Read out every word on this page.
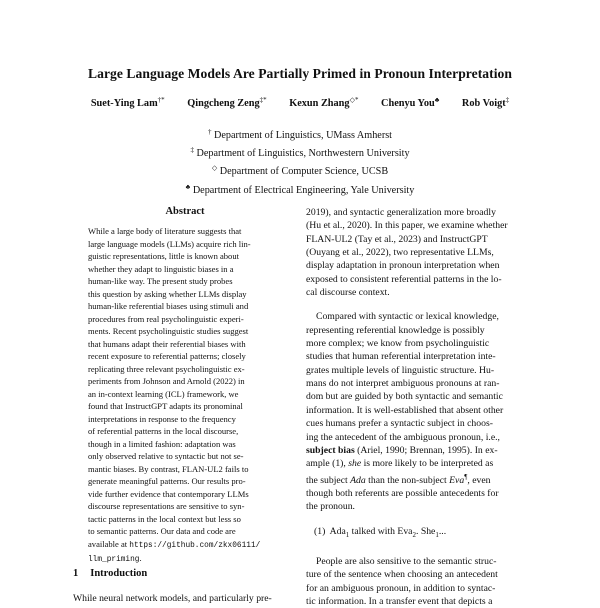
Large Language Models Are Partially Primed in Pronoun Interpretation
Suet-Ying Lam†* Qingcheng Zeng‡* Kexun Zhang◇* Chenyu You♣ Rob Voigt‡
† Department of Linguistics, UMass Amherst
‡ Department of Linguistics, Northwestern University
◇ Department of Computer Science, UCSB
♣ Department of Electrical Engineering, Yale University
Abstract
While a large body of literature suggests that
large language models (LLMs) acquire rich lin-
guistic representations, little is known about
whether they adapt to linguistic biases in a
human-like way. The present study probes
this question by asking whether LLMs display
human-like referential biases using stimuli and
procedures from real psycholinguistic experi-
ments. Recent psycholinguistic studies suggest
that humans adapt their referential biases with
recent exposure to referential patterns; closely
replicating three relevant psycholinguistic ex-
periments from Johnson and Arnold (2022) in
an in-context learning (ICL) framework, we
found that InstructGPT adapts its pronominal
interpretations in response to the frequency
of referential patterns in the local discourse,
though in a limited fashion: adaptation was
only observed relative to syntactic but not se-
mantic biases. By contrast, FLAN-UL2 fails to
generate meaningful patterns. Our results pro-
vide further evidence that contemporary LLMs
discourse representations are sensitive to syn-
tactic patterns in the local context but less so
to semantic patterns. Our data and code are
available at https://github.com/zkx06111/
llm_priming.
1 Introduction
While neural network models, and particularly pre-
2019), and syntactic generalization more broadly
(Hu et al., 2020). In this paper, we examine whether
FLAN-UL2 (Tay et al., 2023) and InstructGPT
(Ouyang et al., 2022), two representative LLMs,
display adaptation in pronoun interpretation when
exposed to consistent referential patterns in the lo-
cal discourse context.
Compared with syntactic or lexical knowledge,
representing referential knowledge is possibly
more complex; we know from psycholinguistic
studies that human referential interpretation inte-
grates multiple levels of linguistic structure. Hu-
mans do not interpret ambiguous pronouns at ran-
dom but are guided by both syntactic and semantic
information. It is well-established that absent other
cues humans prefer a syntactic subject in choos-
ing the antecedent of the ambiguous pronoun, i.e.,
subject bias (Ariel, 1990; Brennan, 1995). In ex-
ample (1), she is more likely to be interpreted as
the subject Ada than the non-subject Eva¶, even
though both referents are possible antecedents for
the pronoun.
(1) Ada$_1$ talked with Eva$_2$. She$_1$...
People are also sensitive to the semantic struc-
ture of the sentence when choosing an antecedent
for an ambiguous pronoun, in addition to syntac-
tic information. In a transfer event that depicts a
